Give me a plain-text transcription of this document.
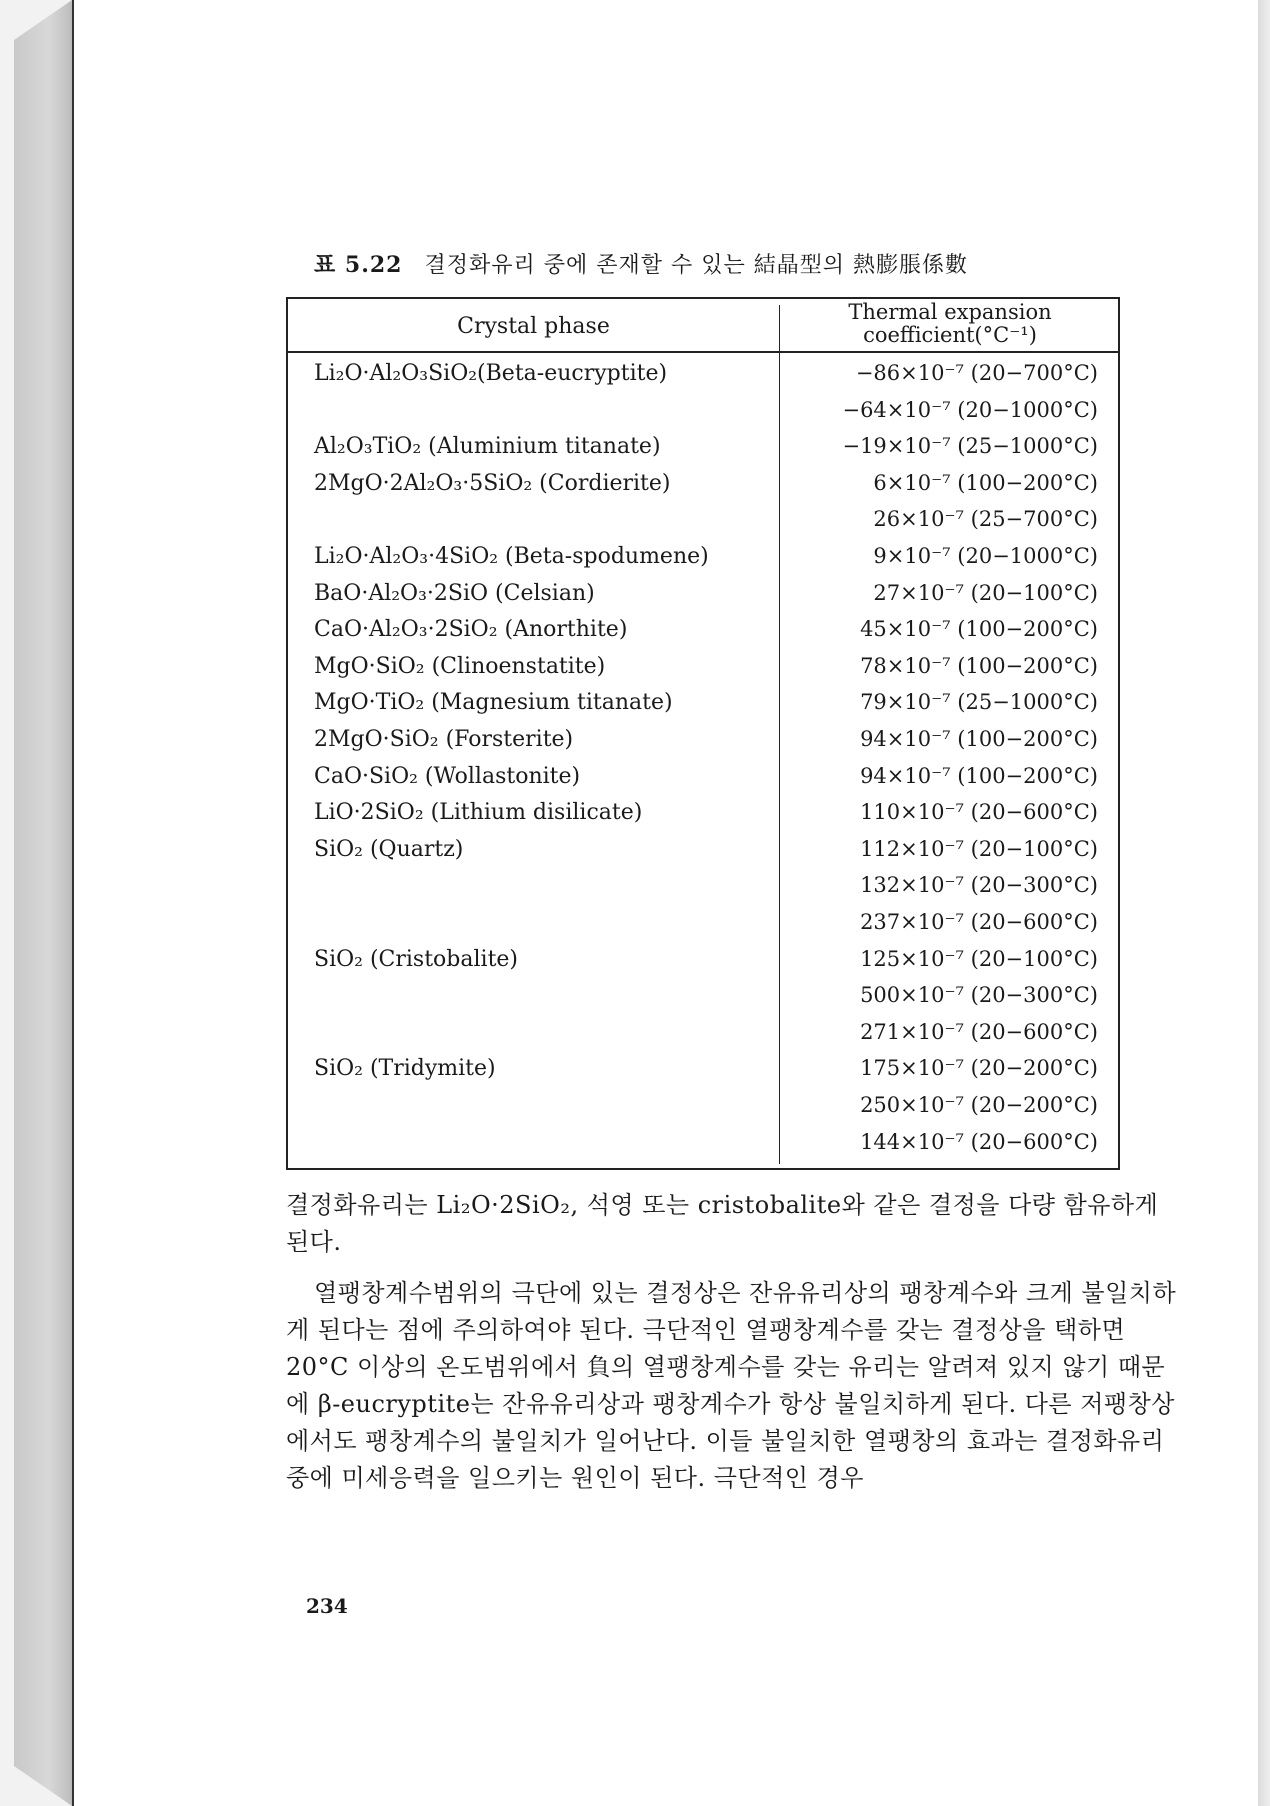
표 5.22 결정화유리 중에 존재할 수 있는 結晶型의 熱膨脹係數
Crystal phase
Thermal expansion
coefficient(°C⁻¹)
Li₂O·Al₂O₃SiO₂(Beta-eucryptite)	−86×10⁻⁷ (20−700°C)
−64×10⁻⁷ (20−1000°C)
Al₂O₃TiO₂ (Aluminium titanate)	−19×10⁻⁷ (25−1000°C)
2MgO·2Al₂O₃·5SiO₂ (Cordierite)	6×10⁻⁷ (100−200°C)
26×10⁻⁷ (25−700°C)
Li₂O·Al₂O₃·4SiO₂ (Beta-spodumene)	9×10⁻⁷ (20−1000°C)
BaO·Al₂O₃·2SiO (Celsian)	27×10⁻⁷ (20−100°C)
CaO·Al₂O₃·2SiO₂ (Anorthite)	45×10⁻⁷ (100−200°C)
MgO·SiO₂ (Clinoenstatite)	78×10⁻⁷ (100−200°C)
MgO·TiO₂ (Magnesium titanate)	79×10⁻⁷ (25−1000°C)
2MgO·SiO₂ (Forsterite)	94×10⁻⁷ (100−200°C)
CaO·SiO₂ (Wollastonite)	94×10⁻⁷ (100−200°C)
LiO·2SiO₂ (Lithium disilicate)	110×10⁻⁷ (20−600°C)
SiO₂ (Quartz)	112×10⁻⁷ (20−100°C)
132×10⁻⁷ (20−300°C)
237×10⁻⁷ (20−600°C)
SiO₂ (Cristobalite)	125×10⁻⁷ (20−100°C)
500×10⁻⁷ (20−300°C)
271×10⁻⁷ (20−600°C)
SiO₂ (Tridymite)	175×10⁻⁷ (20−200°C)
250×10⁻⁷ (20−200°C)
144×10⁻⁷ (20−600°C)

결정화유리는 Li₂O·2SiO₂, 석영 또는 cristobalite와 같은 결정을 다량 함유하게 된다.

열팽창계수범위의 극단에 있는 결정상은 잔유유리상의 팽창계수와 크게 불일치하게 된다는 점에 주의하여야 된다. 극단적인 열팽창계수를 갖는 결정상을 택하면 20°C 이상의 온도범위에서 負의 열팽창계수를 갖는 유리는 알려져 있지 않기 때문에 β-eucryptite는 잔유유리상과 팽창계수가 항상 불일치하게 된다. 다른 저팽창상에서도 팽창계수의 불일치가 일어난다. 이들 불일치한 열팽창의 효과는 결정화유리 중에 미세응력을 일으키는 원인이 된다. 극단적인 경우

234
